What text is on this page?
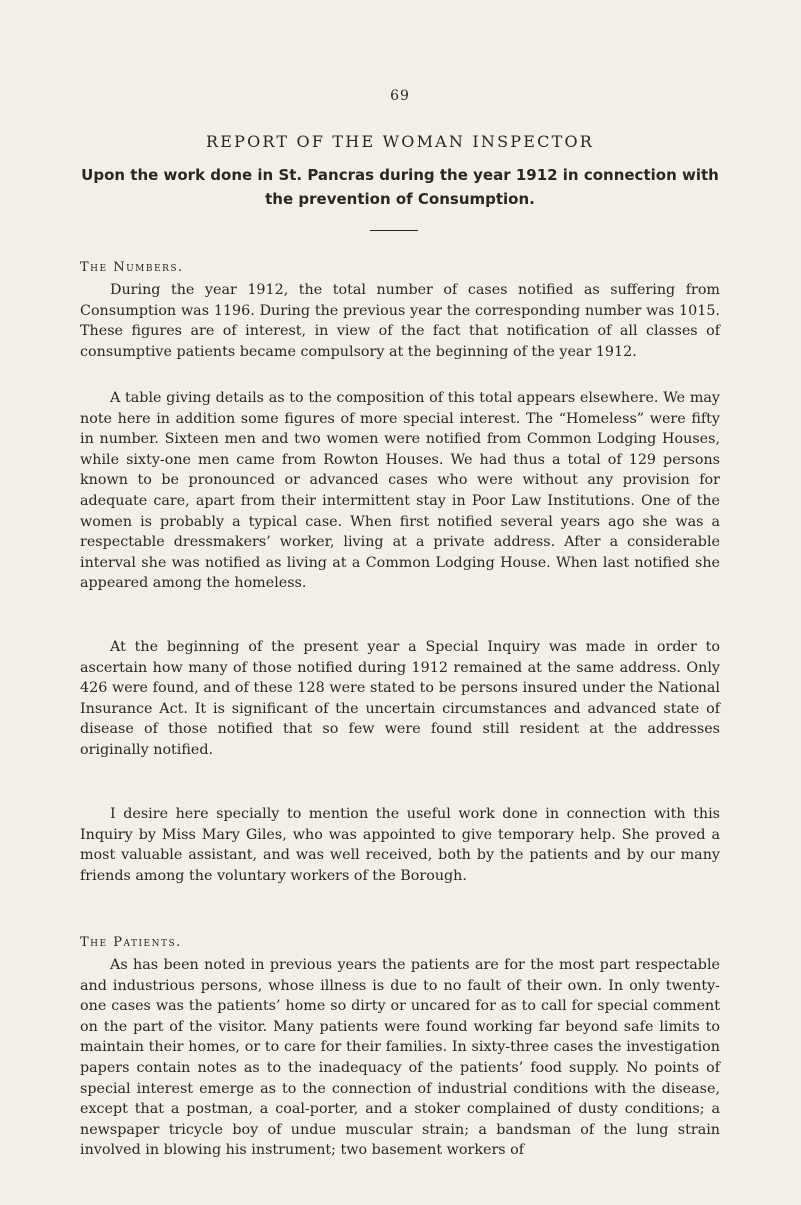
69
REPORT OF THE WOMAN INSPECTOR
Upon the work done in St. Pancras during the year 1912 in connection with the prevention of Consumption.
The Numbers.

During the year 1912, the total number of cases notified as suffering from Consumption was 1196. During the previous year the corresponding number was 1015. These figures are of interest, in view of the fact that notification of all classes of consumptive patients became compulsory at the beginning of the year 1912.

A table giving details as to the composition of this total appears elsewhere. We may note here in addition some figures of more special interest. The “Homeless” were fifty in number. Sixteen men and two women were notified from Common Lodging Houses, while sixty-one men came from Rowton Houses. We had thus a total of 129 persons known to be pronounced or advanced cases who were without any provision for adequate care, apart from their intermittent stay in Poor Law Institutions. One of the women is probably a typical case. When first notified several years ago she was a respectable dressmakers’ worker, living at a private address. After a considerable interval she was notified as living at a Common Lodging House. When last notified she appeared among the homeless.

At the beginning of the present year a Special Inquiry was made in order to ascertain how many of those notified during 1912 remained at the same address. Only 426 were found, and of these 128 were stated to be persons insured under the National Insurance Act. It is significant of the uncertain circumstances and advanced state of disease of those notified that so few were found still resident at the addresses originally notified.

I desire here specially to mention the useful work done in connection with this Inquiry by Miss Mary Giles, who was appointed to give temporary help. She proved a most valuable assistant, and was well received, both by the patients and by our many friends among the voluntary workers of the Borough.

The Patients.

As has been noted in previous years the patients are for the most part respectable and industrious persons, whose illness is due to no fault of their own. In only twenty-one cases was the patients’ home so dirty or uncared for as to call for special comment on the part of the visitor. Many patients were found working far beyond safe limits to maintain their homes, or to care for their families. In sixty-three cases the investigation papers contain notes as to the inadequacy of the patients’ food supply. No points of special interest emerge as to the connection of industrial conditions with the disease, except that a postman, a coal-porter, and a stoker complained of dusty conditions; a newspaper tricycle boy of undue muscular strain; a bandsman of the lung strain involved in blowing his instrument; two basement workers of
